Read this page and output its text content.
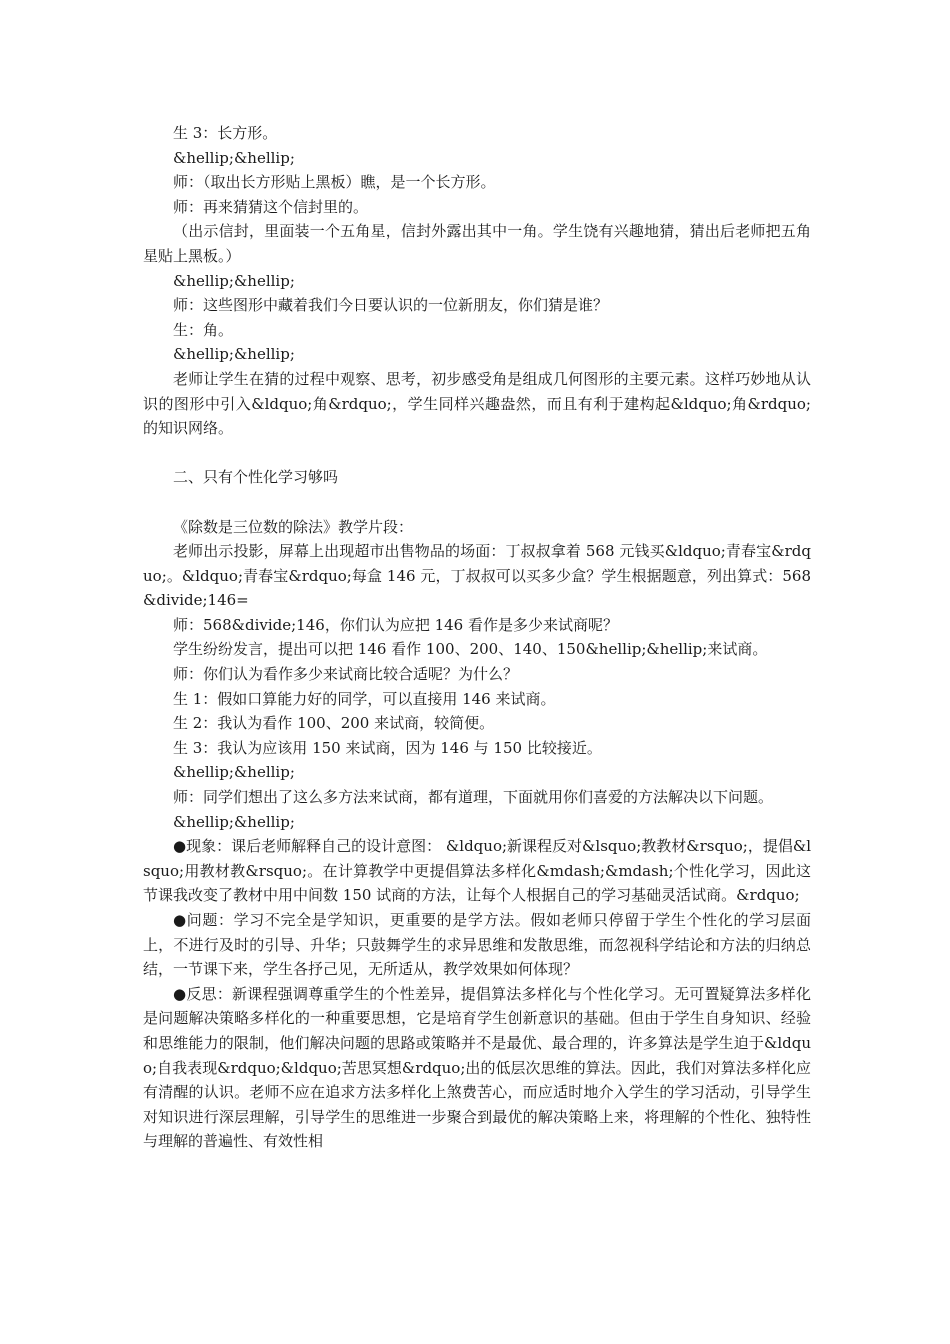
生 3：长方形。

&hellip;&hellip;

师：（取出长方形贴上黑板）瞧，是一个长方形。

师：再来猜猜这个信封里的。

（出示信封，里面装一个五角星，信封外露出其中一角。学生饶有兴趣地猜，猜出后老师把五角星贴上黑板。）

&hellip;&hellip;

师：这些图形中藏着我们今日要认识的一位新朋友，你们猜是谁？

生：角。

&hellip;&hellip;

老师让学生在猜的过程中观察、思考，初步感受角是组成几何图形的主要元素。这样巧妙地从认识的图形中引入&ldquo;角&rdquo;，学生同样兴趣盎然，而且有利于建构起&ldquo;角&rdquo;的知识网络。

二、只有个性化学习够吗

《除数是三位数的除法》教学片段：

老师出示投影，屏幕上出现超市出售物品的场面：丁叔叔拿着 568 元钱买&ldquo;青春宝&rdquo;。&ldquo;青春宝&rdquo;每盒 146 元，丁叔叔可以买多少盒？学生根据题意，列出算式：568&divide;146=

师：568&divide;146，你们认为应把 146 看作是多少来试商呢？

学生纷纷发言，提出可以把 146 看作 100、200、140、150&hellip;&hellip;来试商。

师：你们认为看作多少来试商比较合适呢？为什么？

生 1：假如口算能力好的同学，可以直接用 146 来试商。

生 2：我认为看作 100、200 来试商，较简便。

生 3：我认为应该用 150 来试商，因为 146 与 150 比较接近。

&hellip;&hellip;

师：同学们想出了这么多方法来试商，都有道理，下面就用你们喜爱的方法解决以下问题。

&hellip;&hellip;

●现象：课后老师解释自己的设计意图： &ldquo;新课程反对&lsquo;教教材&rsquo;，提倡&lsquo;用教材教&rsquo;。在计算教学中更提倡算法多样化&mdash;&mdash;个性化学习，因此这节课我改变了教材中用中间数 150 试商的方法，让每个人根据自己的学习基础灵活试商。&rdquo;

●问题：学习不完全是学知识，更重要的是学方法。假如老师只停留于学生个性化的学习层面上，不进行及时的引导、升华；只鼓舞学生的求异思维和发散思维，而忽视科学结论和方法的归纳总结，一节课下来，学生各抒己见，无所适从，教学效果如何体现？

●反思：新课程强调尊重学生的个性差异，提倡算法多样化与个性化学习。无可置疑算法多样化是问题解决策略多样化的一种重要思想，它是培育学生创新意识的基础。但由于学生自身知识、经验和思维能力的限制，他们解决问题的思路或策略并不是最优、最合理的，许多算法是学生迫于&ldquo;自我表现&rdquo;&ldquo;苦思冥想&rdquo;出的低层次思维的算法。因此，我们对算法多样化应有清醒的认识。老师不应在追求方法多样化上煞费苦心，而应适时地介入学生的学习活动，引导学生对知识进行深层理解，引导学生的思维进一步聚合到最优的解决策略上来，将理解的个性化、独特性与理解的普遍性、有效性相
